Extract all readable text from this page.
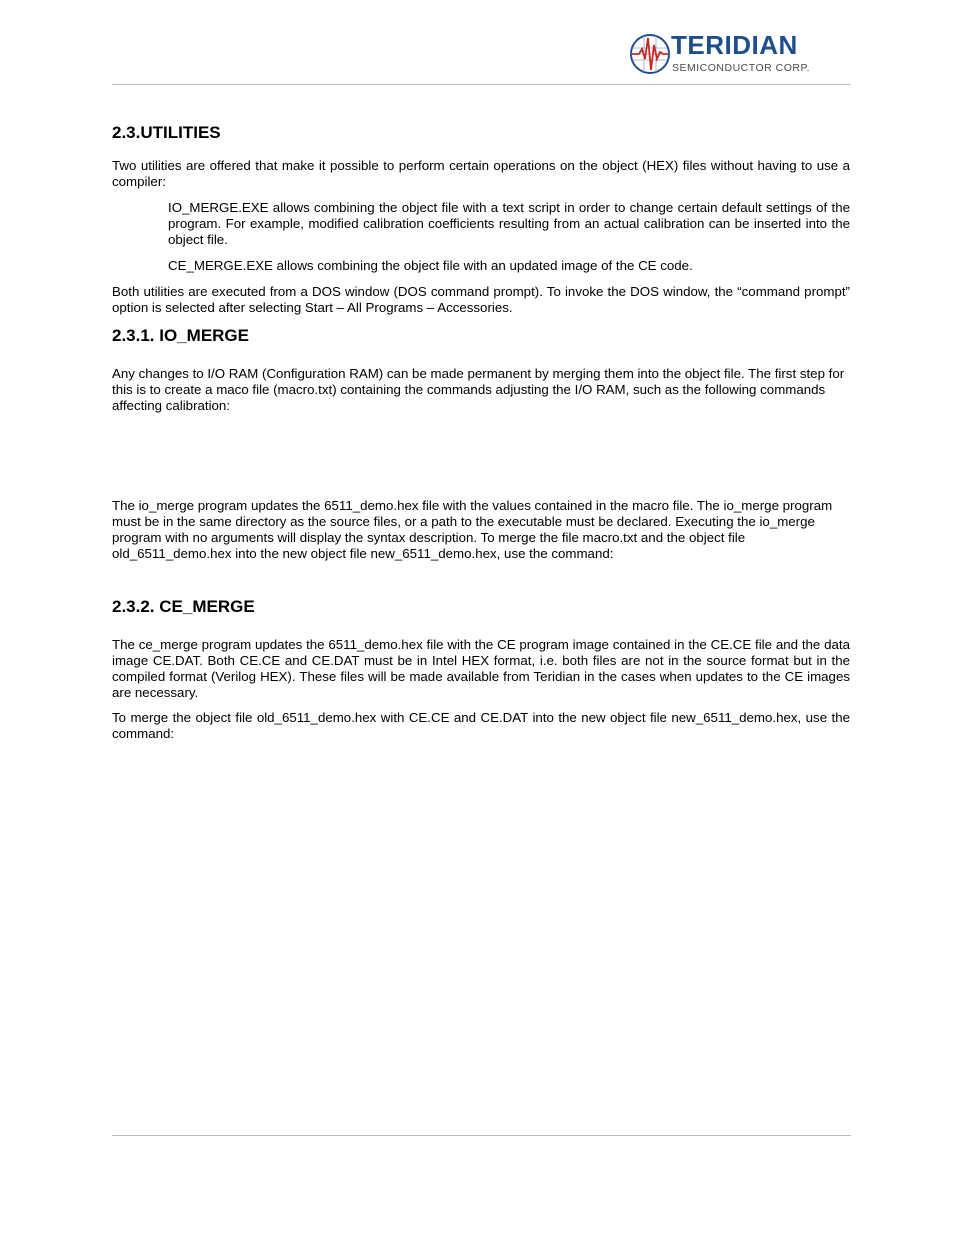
TERIDIAN
SEMICONDUCTOR CORP.
2.3.UTILITIES
Two utilities are offered that make it possible to perform certain operations on the object (HEX) files without having to use a compiler:
IO_MERGE.EXE allows combining the object file with a text script in order to change certain default settings of the program. For example, modified calibration coefficients resulting from an actual calibration can be inserted into the object file.
CE_MERGE.EXE allows combining the object file with an updated image of the CE code.
Both utilities are executed from a DOS window (DOS command prompt). To invoke the DOS window, the “command prompt” option is selected after selecting Start – All Programs – Accessories.
2.3.1. IO_MERGE
Any changes to I/O RAM (Configuration RAM) can be made permanent by merging them into the object file. The first step for this is to create a maco file (macro.txt) containing the commands adjusting the I/O RAM, such as the following commands affecting calibration:
The io_merge program updates the 6511_demo.hex file with the values contained in the macro file. The io_merge program must be in the same directory as the source files, or a path to the executable must be declared. Executing the io_merge program with no arguments will display the syntax description. To merge the file macro.txt and the object file old_6511_demo.hex into the new object file new_6511_demo.hex, use the command:
2.3.2. CE_MERGE
The ce_merge program updates the 6511_demo.hex file with the CE program image contained in the CE.CE file and the data image CE.DAT. Both CE.CE and CE.DAT must be in Intel HEX format, i.e. both files are not in the source format but in the compiled format (Verilog HEX). These files will be made available from Teridian in the cases when updates to the CE images are necessary.
To merge the object file old_6511_demo.hex with CE.CE and CE.DAT into the new object file new_6511_demo.hex, use the command:
